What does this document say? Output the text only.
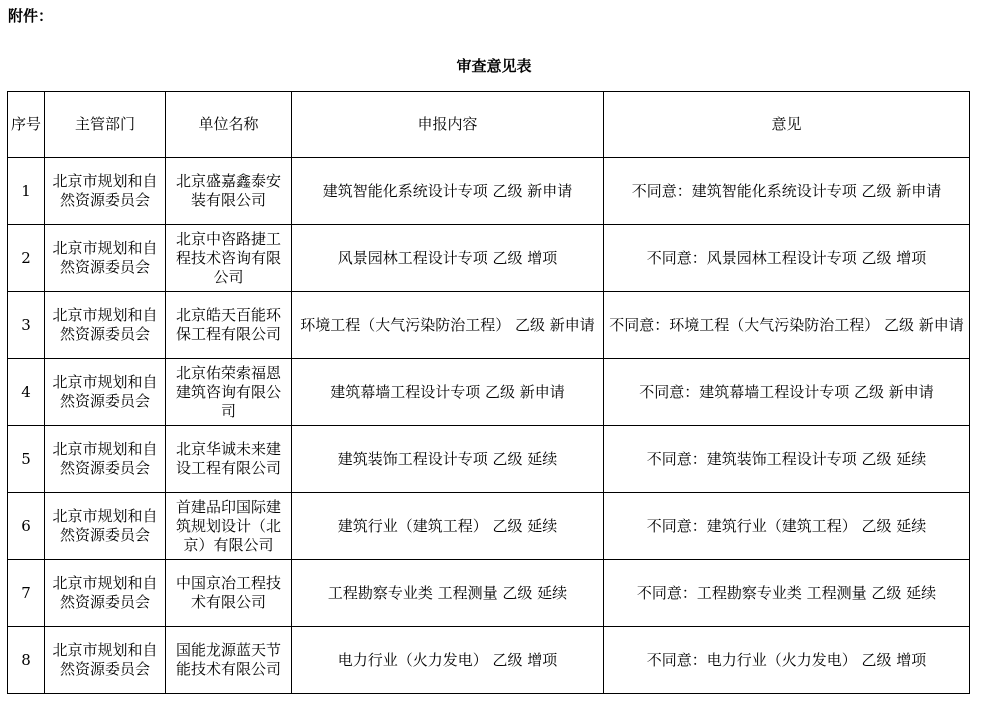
附件：
审查意见表
序号	主管部门	单位名称	申报内容	意见
1	北京市规划和自然资源委员会	北京盛嘉鑫泰安装有限公司	建筑智能化系统设计专项 乙级 新申请	不同意：建筑智能化系统设计专项 乙级 新申请
2	北京市规划和自然资源委员会	北京中咨路捷工程技术咨询有限公司	风景园林工程设计专项 乙级 增项	不同意：风景园林工程设计专项 乙级 增项
3	北京市规划和自然资源委员会	北京皓天百能环保工程有限公司	环境工程（大气污染防治工程） 乙级 新申请	不同意：环境工程（大气污染防治工程） 乙级 新申请
4	北京市规划和自然资源委员会	北京佑荣索福恩建筑咨询有限公司	建筑幕墙工程设计专项 乙级 新申请	不同意：建筑幕墙工程设计专项 乙级 新申请
5	北京市规划和自然资源委员会	北京华诚未来建设工程有限公司	建筑装饰工程设计专项 乙级 延续	不同意：建筑装饰工程设计专项 乙级 延续
6	北京市规划和自然资源委员会	首建品印国际建筑规划设计（北京）有限公司	建筑行业（建筑工程） 乙级 延续	不同意：建筑行业（建筑工程） 乙级 延续
7	北京市规划和自然资源委员会	中国京冶工程技术有限公司	工程勘察专业类 工程测量 乙级 延续	不同意：工程勘察专业类 工程测量 乙级 延续
8	北京市规划和自然资源委员会	国能龙源蓝天节能技术有限公司	电力行业（火力发电） 乙级 增项	不同意：电力行业（火力发电） 乙级 增项
